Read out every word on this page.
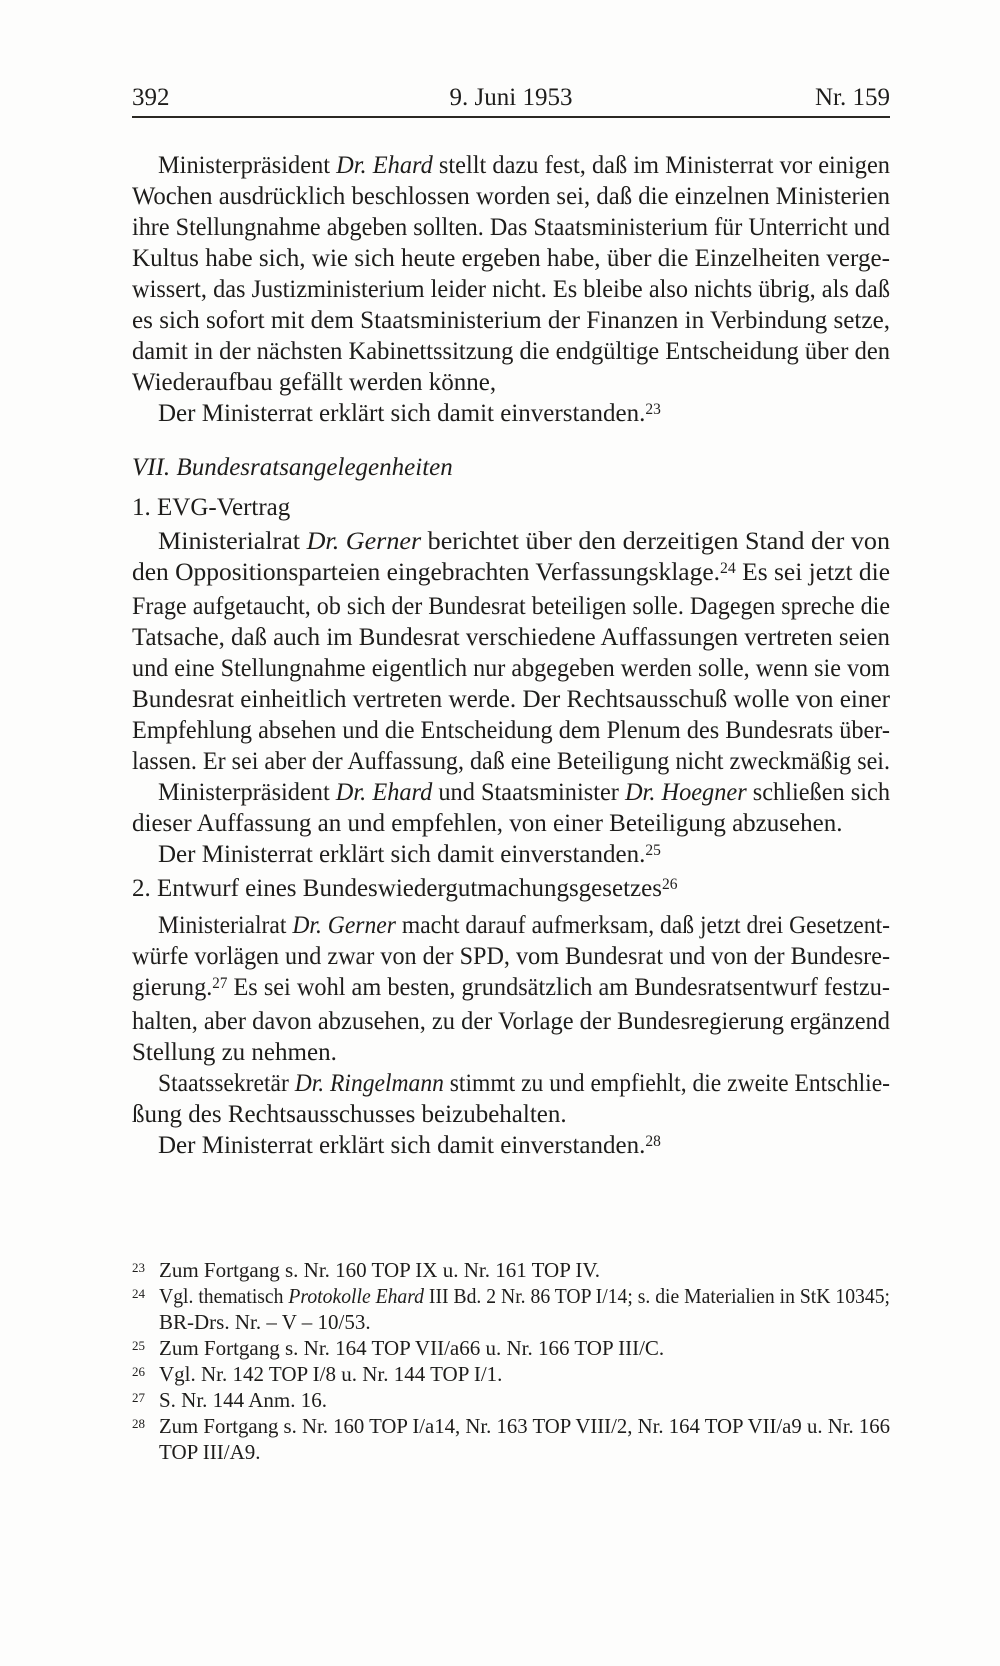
392	9. Juni 1953	Nr. 159
Ministerpräsident Dr. Ehard stellt dazu fest, daß im Ministerrat vor einigen
Wochen ausdrücklich beschlossen worden sei, daß die einzelnen Ministerien
ihre Stellungnahme abgeben sollten. Das Staatsministerium für Unterricht und
Kultus habe sich, wie sich heute ergeben habe, über die Einzelheiten verge-
wissert, das Justizministerium leider nicht. Es bleibe also nichts übrig, als daß
es sich sofort mit dem Staatsministerium der Finanzen in Verbindung setze,
damit in der nächsten Kabinettssitzung die endgültige Entscheidung über den
Wiederaufbau gefällt werden könne,
Der Ministerrat erklärt sich damit einverstanden.$^{23}$
VII. Bundesratsangelegenheiten
1. EVG-Vertrag
Ministerialrat Dr. Gerner berichtet über den derzeitigen Stand der von
den Oppositionsparteien eingebrachten Verfassungsklage.$^{24}$ Es sei jetzt die
Frage aufgetaucht, ob sich der Bundesrat beteiligen solle. Dagegen spreche die
Tatsache, daß auch im Bundesrat verschiedene Auffassungen vertreten seien
und eine Stellungnahme eigentlich nur abgegeben werden solle, wenn sie vom
Bundesrat einheitlich vertreten werde. Der Rechtsausschuß wolle von einer
Empfehlung absehen und die Entscheidung dem Plenum des Bundesrats über-
lassen. Er sei aber der Auffassung, daß eine Beteiligung nicht zweckmäßig sei.
Ministerpräsident Dr. Ehard und Staatsminister Dr. Hoegner schließen sich
dieser Auffassung an und empfehlen, von einer Beteiligung abzusehen.
Der Ministerrat erklärt sich damit einverstanden.$^{25}$
2. Entwurf eines Bundeswiedergutmachungsgesetzes$^{26}$
Ministerialrat Dr. Gerner macht darauf aufmerksam, daß jetzt drei Gesetzent-
würfe vorlägen und zwar von der SPD, vom Bundesrat und von der Bundesre-
gierung.$^{27}$ Es sei wohl am besten, grundsätzlich am Bundesratsentwurf festzu-
halten, aber davon abzusehen, zu der Vorlage der Bundesregierung ergänzend
Stellung zu nehmen.
Staatssekretär Dr. Ringelmann stimmt zu und empfiehlt, die zweite Entschlie-
ßung des Rechtsausschusses beizubehalten.
Der Ministerrat erklärt sich damit einverstanden.$^{28}$
23 Zum Fortgang s. Nr. 160 TOP IX u. Nr. 161 TOP IV.
24 Vgl. thematisch Protokolle Ehard III Bd. 2 Nr. 86 TOP I/14; s. die Materialien in StK 10345;
BR-Drs. Nr. – V – 10/53.
25 Zum Fortgang s. Nr. 164 TOP VII/a66 u. Nr. 166 TOP III/C.
26 Vgl. Nr. 142 TOP I/8 u. Nr. 144 TOP I/1.
27 S. Nr. 144 Anm. 16.
28 Zum Fortgang s. Nr. 160 TOP I/a14, Nr. 163 TOP VIII/2, Nr. 164 TOP VII/a9 u. Nr. 166
TOP III/A9.
